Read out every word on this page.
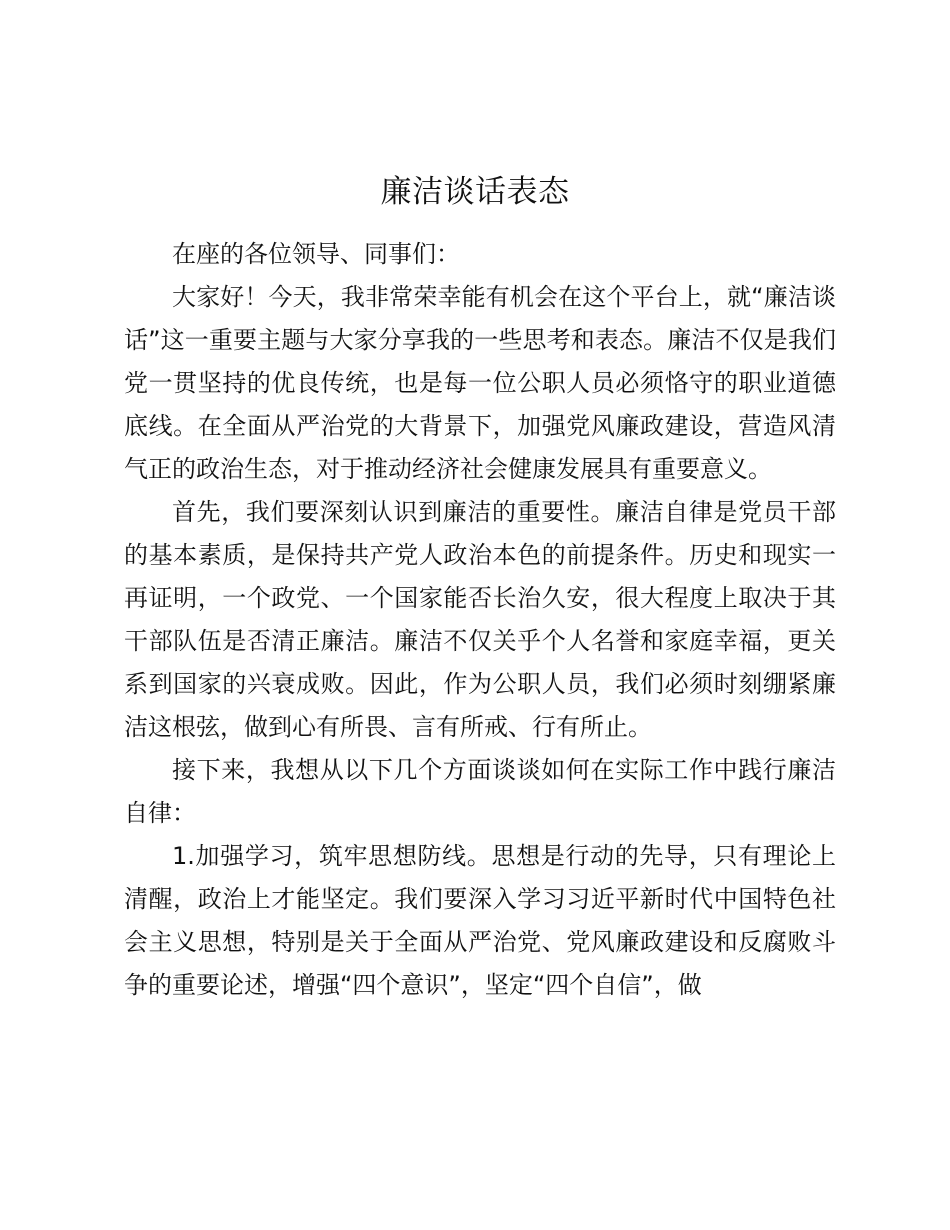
廉洁谈话表态

在座的各位领导、同事们：

大家好！今天，我非常荣幸能有机会在这个平台上，就“廉洁谈话”这一重要主题与大家分享我的一些思考和表态。廉洁不仅是我们党一贯坚持的优良传统，也是每一位公职人员必须恪守的职业道德底线。在全面从严治党的大背景下，加强党风廉政建设，营造风清气正的政治生态，对于推动经济社会健康发展具有重要意义。

首先，我们要深刻认识到廉洁的重要性。廉洁自律是党员干部的基本素质，是保持共产党人政治本色的前提条件。历史和现实一再证明，一个政党、一个国家能否长治久安，很大程度上取决于其干部队伍是否清正廉洁。廉洁不仅关乎个人名誉和家庭幸福，更关系到国家的兴衰成败。因此，作为公职人员，我们必须时刻绷紧廉洁这根弦，做到心有所畏、言有所戒、行有所止。

接下来，我想从以下几个方面谈谈如何在实际工作中践行廉洁自律：

1.加强学习，筑牢思想防线。思想是行动的先导，只有理论上清醒，政治上才能坚定。我们要深入学习习近平新时代中国特色社会主义思想，特别是关于全面从严治党、党风廉政建设和反腐败斗争的重要论述，增强“四个意识”，坚定“四个自信”，做
